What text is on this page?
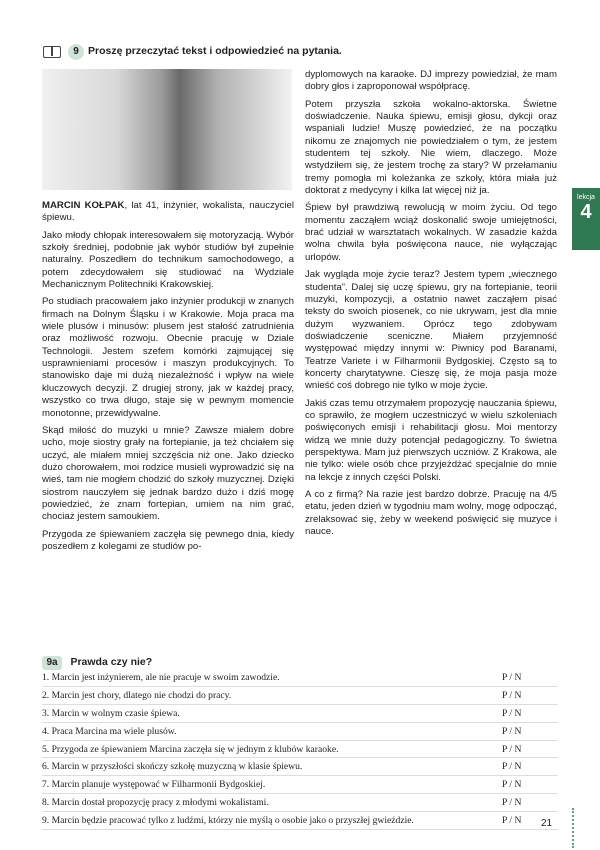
9 Proszę przeczytać tekst i odpowiedzieć na pytania.

MARCIN KOŁPAK, lat 41, inżynier, wokalista, nauczyciel śpiewu.

Jako młody chłopak interesowałem się motoryzacją. Wybór szkoły średniej, podobnie jak wybór studiów był zupełnie naturalny. Poszedłem do technikum samochodowego, a potem zdecydowałem się studiować na Wydziale Mechanicznym Politechniki Krakowskiej.

Po studiach pracowałem jako inżynier produkcji w znanych firmach na Dolnym Śląsku i w Krakowie. Moja praca ma wiele plusów i minusów: plusem jest stałość zatrudnienia oraz możliwość rozwoju. Obecnie pracuję w Dziale Technologii. Jestem szefem komórki zajmującej się usprawnieniami procesów i maszyn produkcyjnych. To stanowisko daje mi dużą niezależność i wpływ na wiele kluczowych decyzji. Z drugiej strony, jak w każdej pracy, wszystko co trwa długo, staje się w pewnym momencie monotonne, przewidywalne.

Skąd miłość do muzyki u mnie? Zawsze miałem dobre ucho, moje siostry grały na fortepianie, ja też chciałem się uczyć, ale miałem mniej szczęścia niż one. Jako dziecko dużo chorowałem, moi rodzice musieli wyprowadzić się na wieś, tam nie mogłem chodzić do szkoły muzycznej. Dzięki siostrom nauczyłem się jednak bardzo dużo i dziś mogę powiedzieć, że znam fortepian, umiem na nim grać, chociaż jestem samoukiem.

Przygoda ze śpiewaniem zaczęła się pewnego dnia, kiedy poszedłem z kolegami ze studiów po-

dyplomowych na karaoke. DJ imprezy powiedział, że mam dobry głos i zaproponował współpracę.

Potem przyszła szkoła wokalno-aktorska. Świetne doświadczenie. Nauka śpiewu, emisji głosu, dykcji oraz wspaniali ludzie! Muszę powiedzieć, że na początku nikomu ze znajomych nie powiedziałem o tym, że jestem studentem tej szkoły. Nie wiem, dlaczego. Może wstydziłem się, że jestem trochę za stary? W przełamaniu tremy pomogła mi koleżanka ze szkoły, która miała już doktorat z medycyny i kilka lat więcej niż ja.

Śpiew był prawdziwą rewolucją w moim życiu. Od tego momentu zacząłem wciąż doskonalić swoje umiejętności, brać udział w warsztatach wokalnych. W zasadzie każda wolna chwila była poświęcona nauce, nie wyłączając urlopów.

Jak wygląda moje życie teraz? Jestem typem „wiecznego studenta”. Dalej się uczę śpiewu, gry na fortepianie, teorii muzyki, kompozycji, a ostatnio nawet zacząłem pisać teksty do swoich piosenek, co nie ukrywam, jest dla mnie dużym wyzwaniem. Oprócz tego zdobywam doświadczenie sceniczne. Miałem przyjemność występować między innymi w: Piwnicy pod Baranami, Teatrze Variete i w Filharmonii Bydgoskiej. Często są to koncerty charytatywne. Cieszę się, że moja pasja może wnieść coś dobrego nie tylko w moje życie.

Jakiś czas temu otrzymałem propozycję nauczania śpiewu, co sprawiło, że mogłem uczestniczyć w wielu szkoleniach poświęconych emisji i rehabilitacji głosu. Moi mentorzy widzą we mnie duży potencjał pedagogiczny. To świetna perspektywa. Mam już pierwszych uczniów. Z Krakowa, ale nie tylko: wiele osób chce przyjeżdżać specjalnie do mnie na lekcje z innych części Polski.

A co z firmą? Na razie jest bardzo dobrze. Pracuję na 4/5 etatu, jeden dzień w tygodniu mam wolny, mogę odpocząć, zrelaksować się, żeby w weekend poświęcić się muzyce i nauce.

lekcja
4
9a Prawda czy nie?
1. Marcin jest inżynierem, ale nie pracuje w swoim zawodzie.	P / N
2. Marcin jest chory, dlatego nie chodzi do pracy.	P / N
3. Marcin w wolnym czasie śpiewa.	P / N
4. Praca Marcina ma wiele plusów.	P / N
5. Przygoda ze śpiewaniem Marcina zaczęła się w jednym z klubów karaoke.	P / N
6. Marcin w przyszłości skończy szkołę muzyczną w klasie śpiewu.	P / N
7. Marcin planuje występować w Filharmonii Bydgoskiej.	P / N
8. Marcin dostał propozycję pracy z młodymi wokalistami.	P / N
9. Marcin będzie pracować tylko z ludźmi, którzy nie myślą o osobie jako o przyszłej gwieździe.	P / N	21
